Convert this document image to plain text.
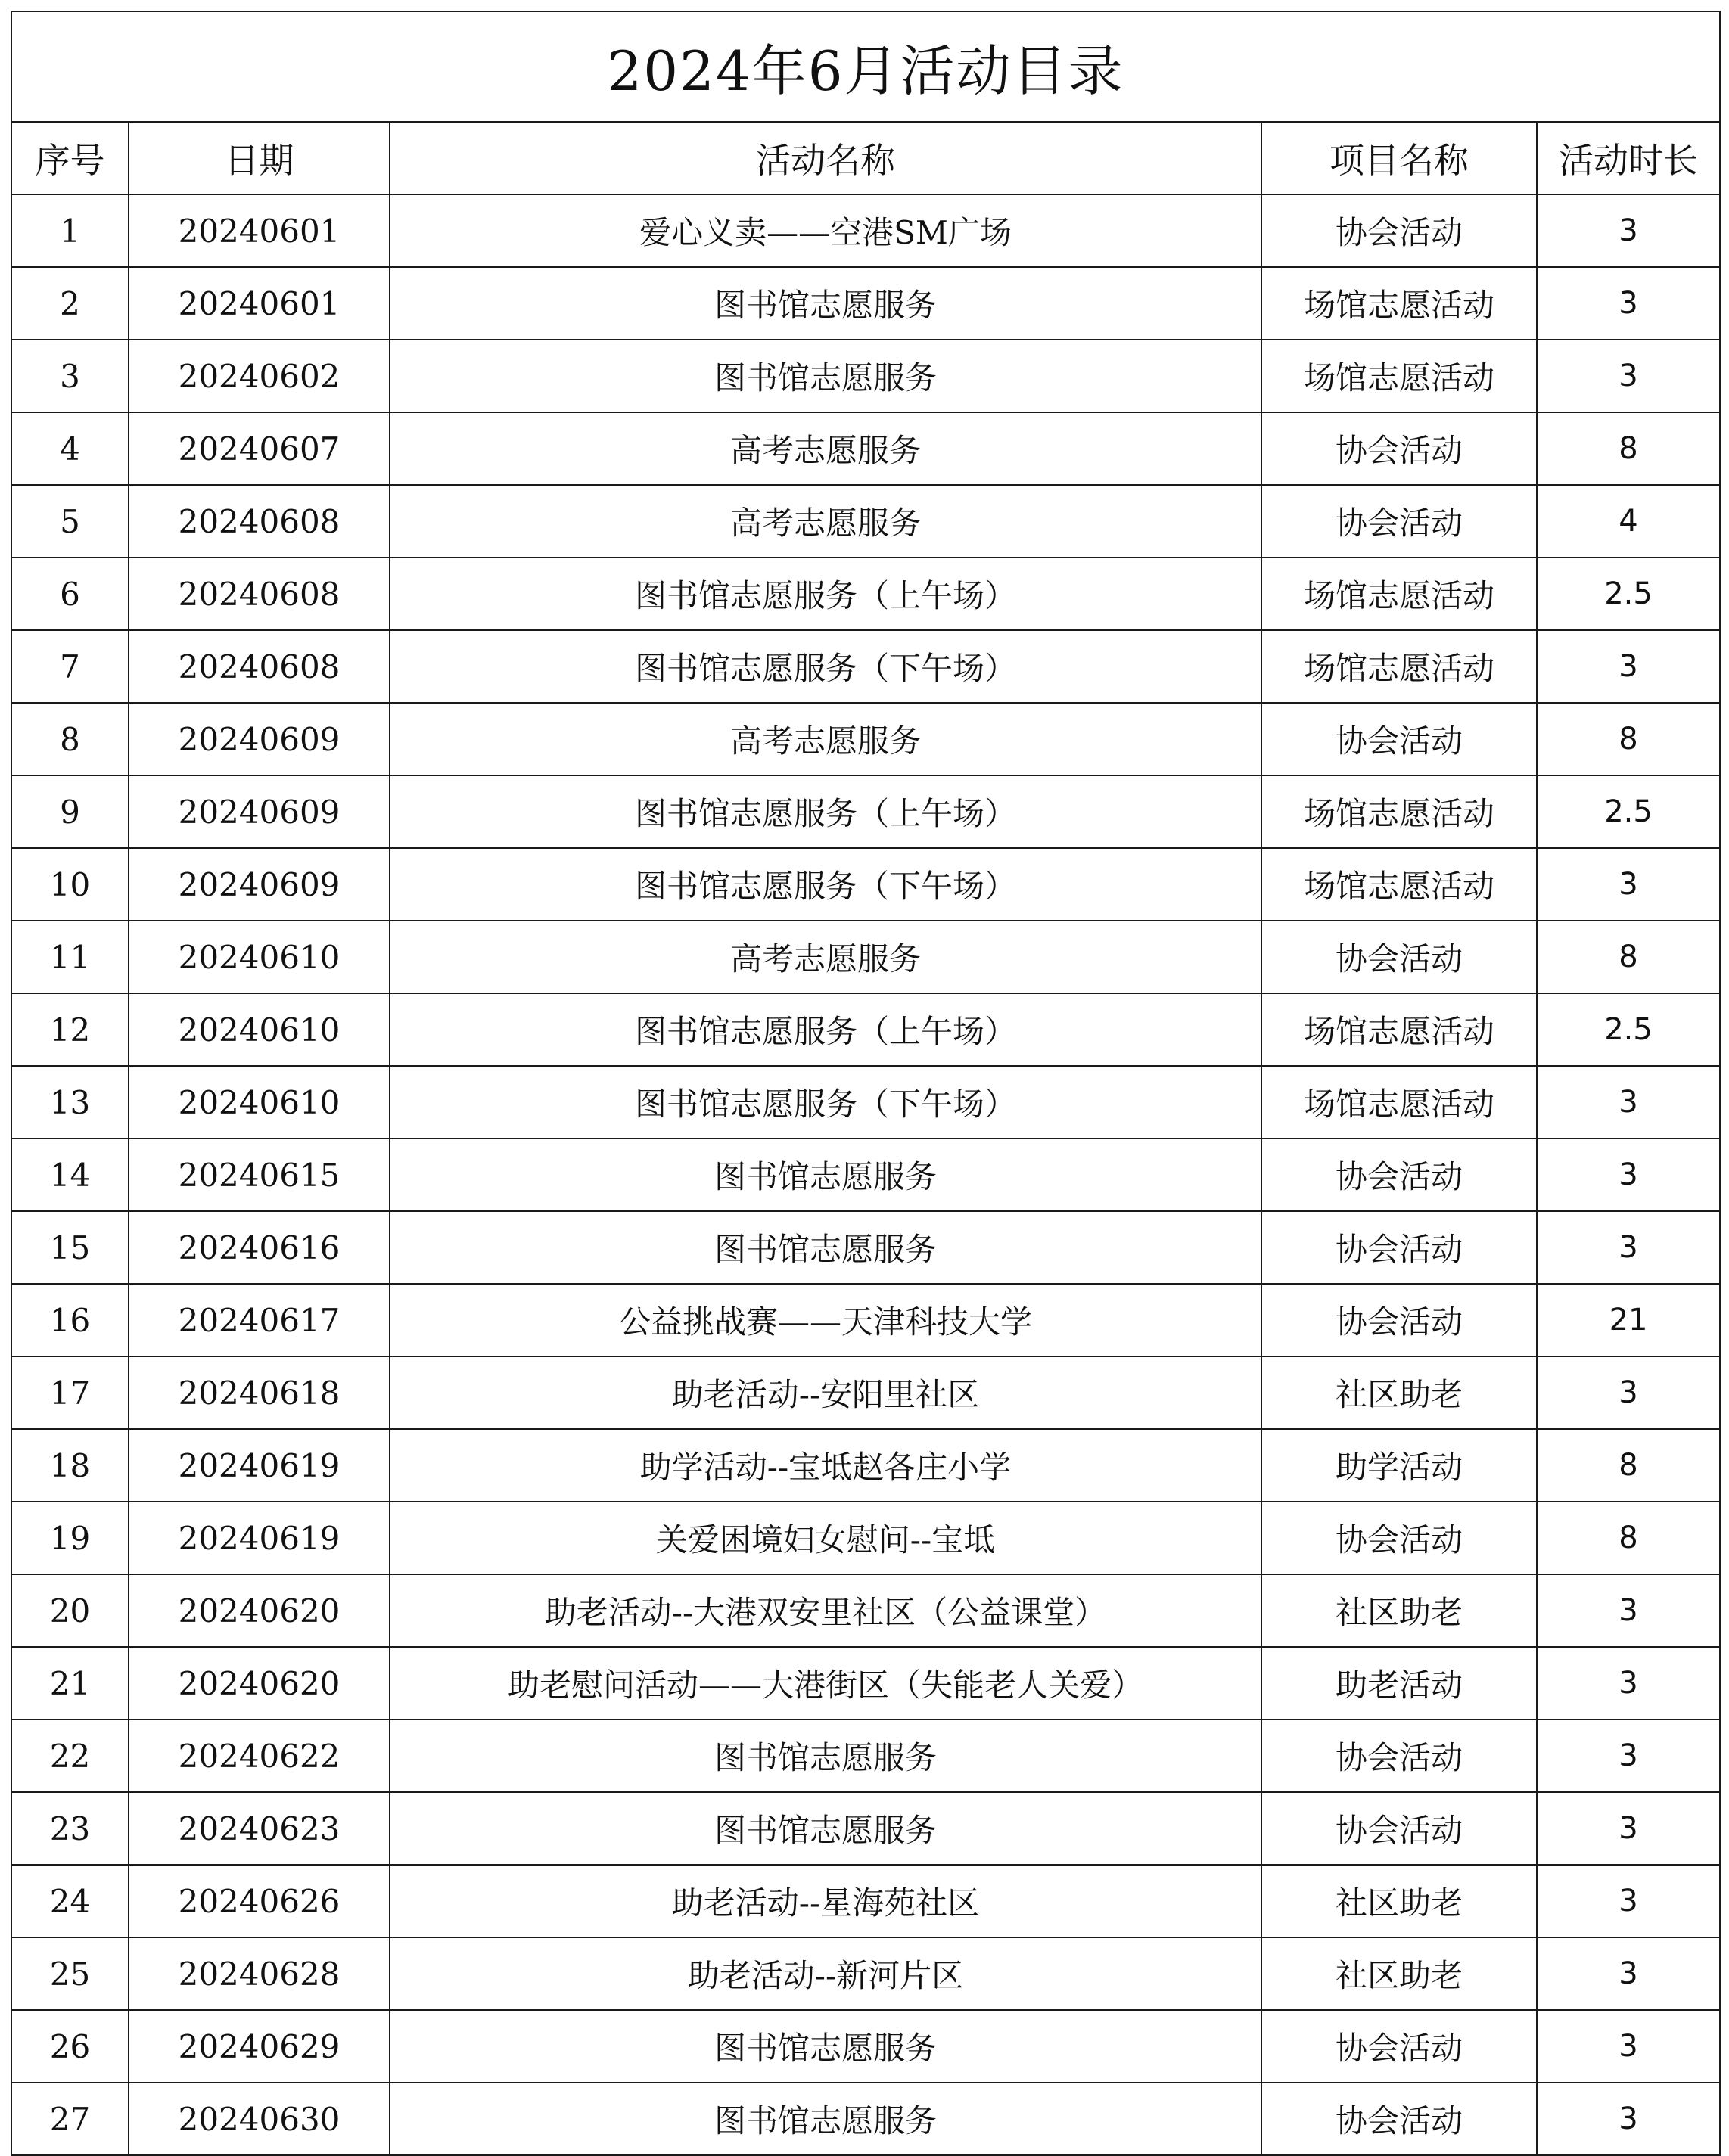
2024年6月活动目录				
序号	日期	活动名称	项目名称	活动时长
1	20240601	爱心义卖——空港SM广场	协会活动	3
2	20240601	图书馆志愿服务	场馆志愿活动	3
3	20240602	图书馆志愿服务	场馆志愿活动	3
4	20240607	高考志愿服务	协会活动	8
5	20240608	高考志愿服务	协会活动	4
6	20240608	图书馆志愿服务（上午场）	场馆志愿活动	2.5
7	20240608	图书馆志愿服务（下午场）	场馆志愿活动	3
8	20240609	高考志愿服务	协会活动	8
9	20240609	图书馆志愿服务（上午场）	场馆志愿活动	2.5
10	20240609	图书馆志愿服务（下午场）	场馆志愿活动	3
11	20240610	高考志愿服务	协会活动	8
12	20240610	图书馆志愿服务（上午场）	场馆志愿活动	2.5
13	20240610	图书馆志愿服务（下午场）	场馆志愿活动	3
14	20240615	图书馆志愿服务	协会活动	3
15	20240616	图书馆志愿服务	协会活动	3
16	20240617	公益挑战赛——天津科技大学	协会活动	21
17	20240618	助老活动--安阳里社区	社区助老	3
18	20240619	助学活动--宝坻赵各庄小学	助学活动	8
19	20240619	关爱困境妇女慰问--宝坻	协会活动	8
20	20240620	助老活动--大港双安里社区（公益课堂）	社区助老	3
21	20240620	助老慰问活动——大港街区（失能老人关爱）	助老活动	3
22	20240622	图书馆志愿服务	协会活动	3
23	20240623	图书馆志愿服务	协会活动	3
24	20240626	助老活动--星海苑社区	社区助老	3
25	20240628	助老活动--新河片区	社区助老	3
26	20240629	图书馆志愿服务	协会活动	3
27	20240630	图书馆志愿服务	协会活动	3
